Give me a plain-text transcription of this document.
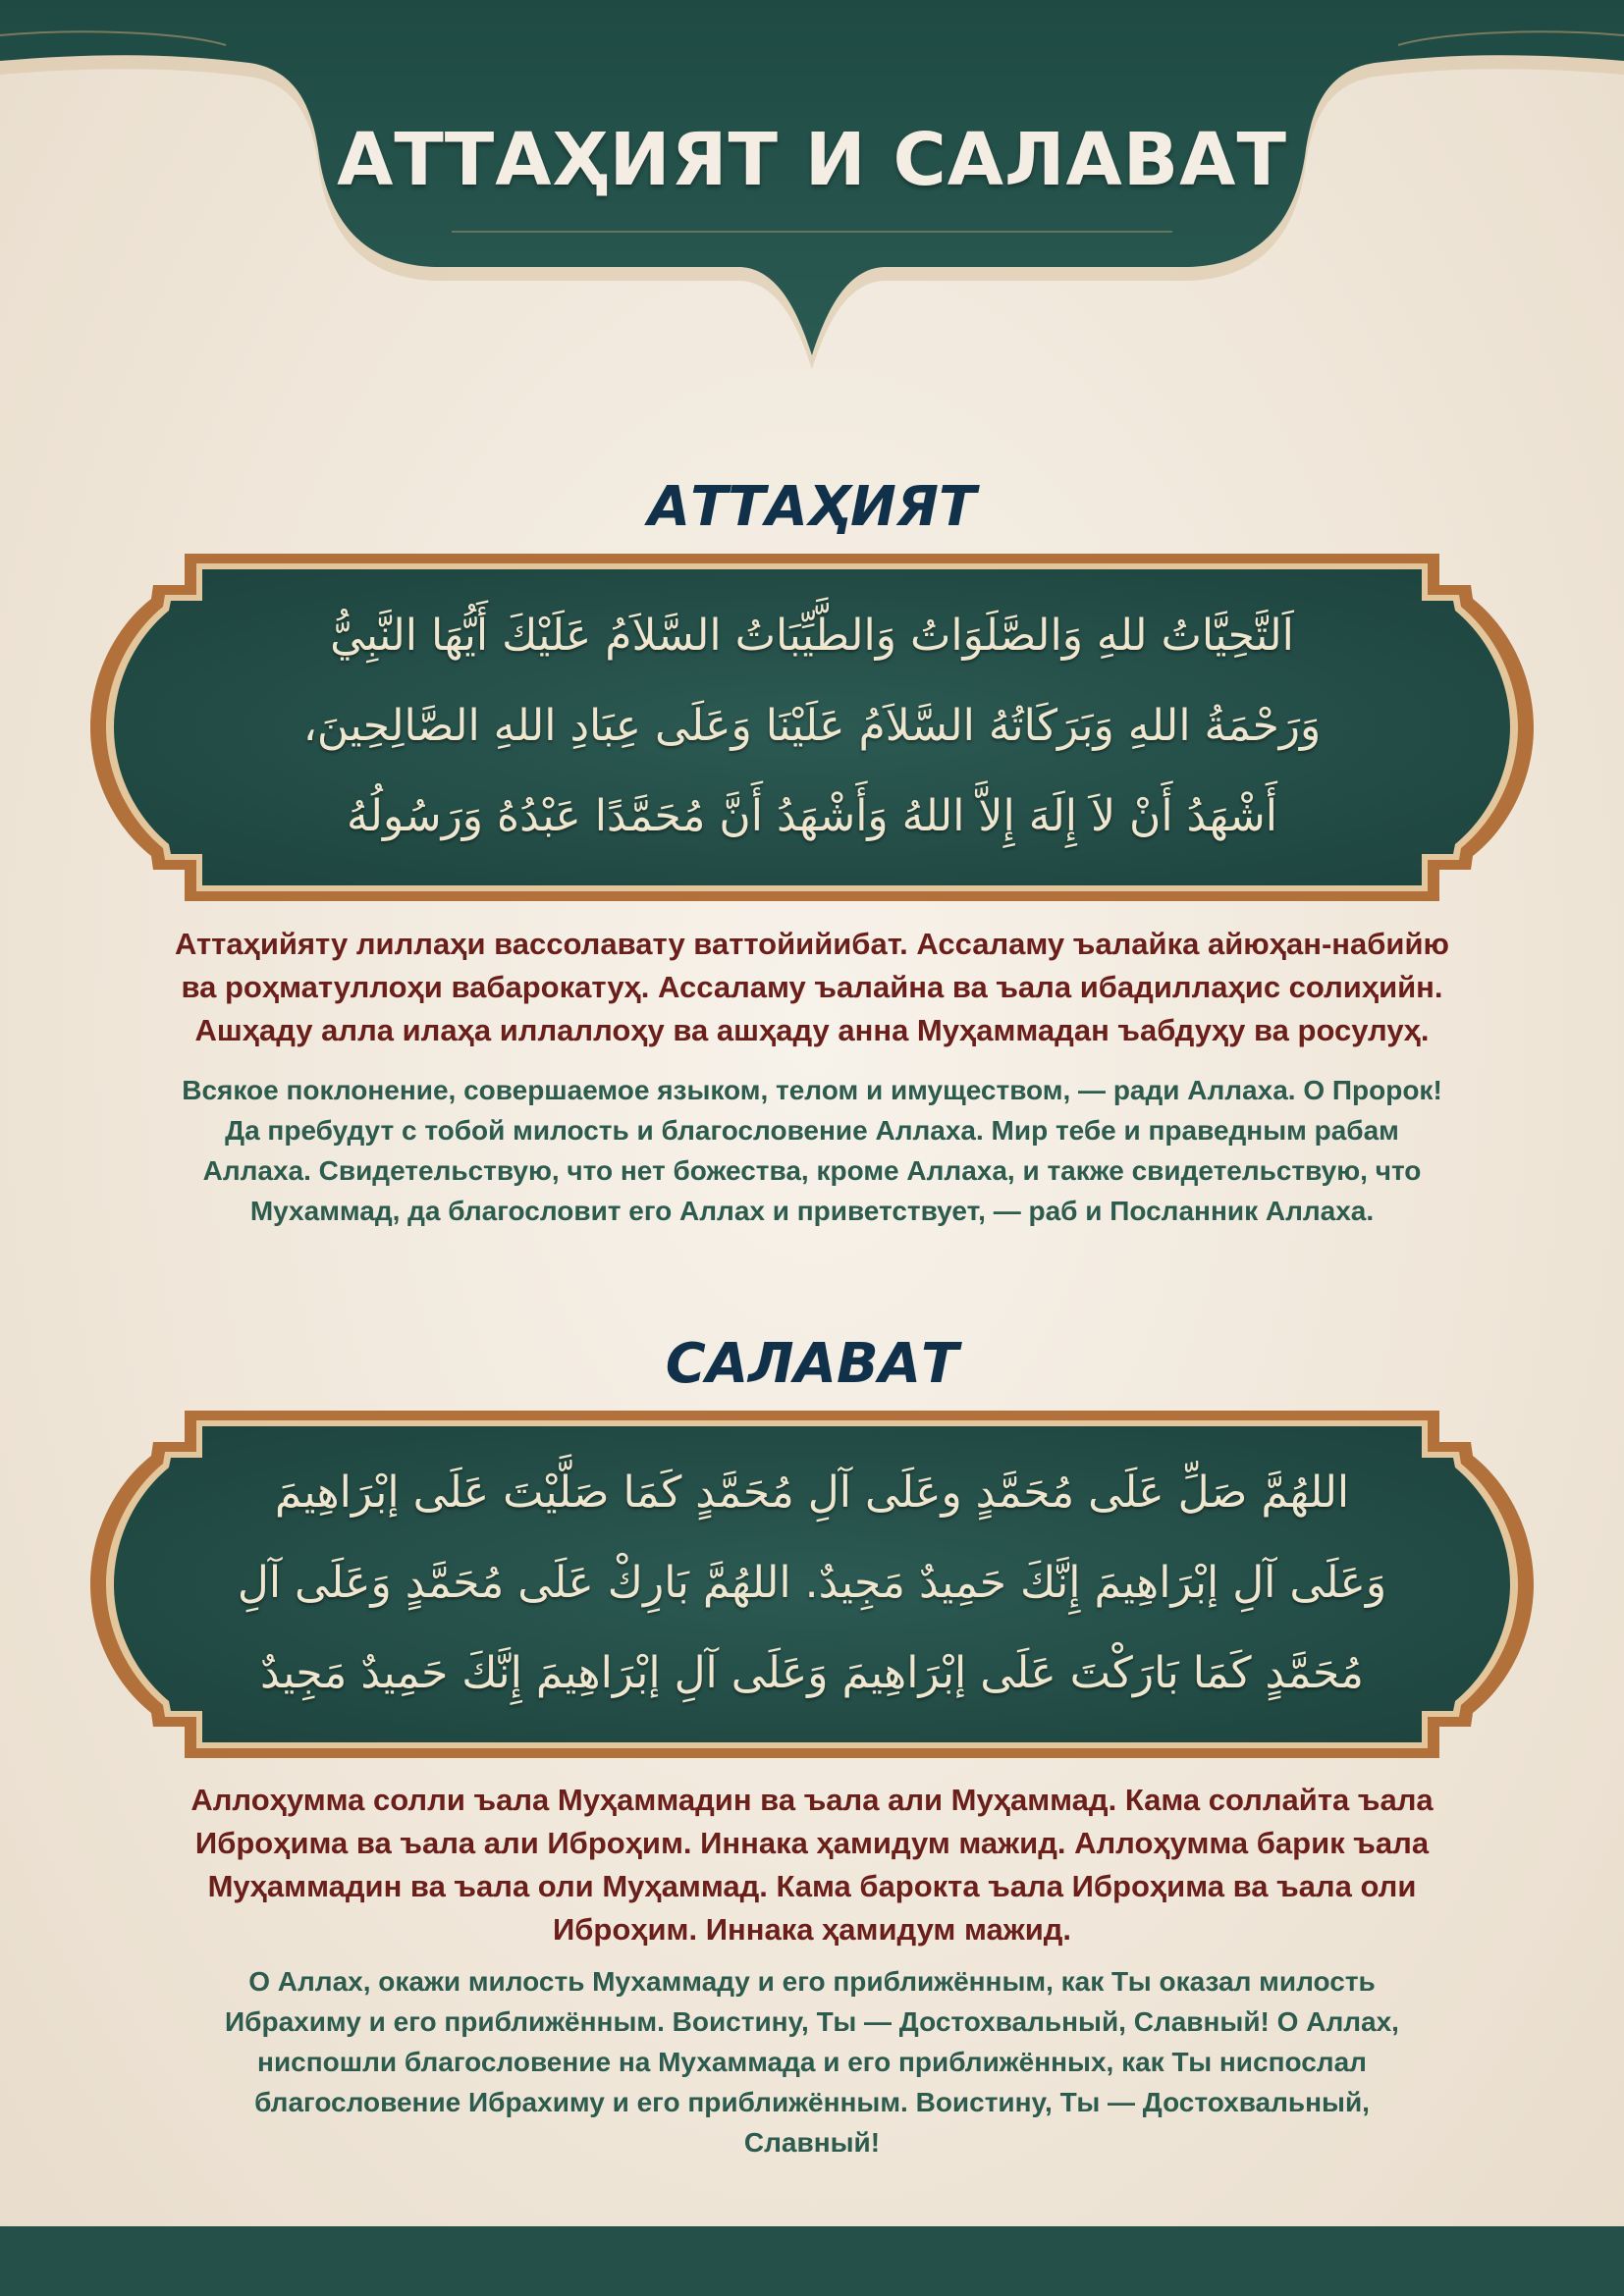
АТТАҲИЯТ И САЛАВАТ
АТТАҲИЯТ

اَلتَّحِيَّاتُ للهِ وَالصَّلَوَاتُ وَالطَّيِّبَاتُ السَّلاَمُ عَلَيْكَ أَيُّهَا النَّبِيُّ
وَرَحْمَةُ اللهِ وَبَرَكَاتُهُ السَّلاَمُ عَلَيْنَا وَعَلَى عِبَادِ اللهِ الصَّالِحِينَ،
أَشْهَدُ أَنْ لاَ إِلَهَ إِلاَّ اللهُ وَأَشْهَدُ أَنَّ مُحَمَّدًا عَبْدُهُ وَرَسُولُهُ

Аттаҳийяту лиллаҳи вассолавату ваттойийибат. Ассаламу ъалайка айюҳан-набийю
ва роҳматуллоҳи вабарокатуҳ. Ассаламу ъалайна ва ъала ибадиллаҳис солиҳийн.
Ашҳаду алла илаҳа иллаллоҳу ва ашҳаду анна Муҳаммадан ъабдуҳу ва росулуҳ.

Всякое поклонение, совершаемое языком, телом и имуществом, — ради Аллаха. О Пророк!
Да пребудут с тобой милость и благословение Аллаха. Мир тебе и праведным рабам
Аллаха. Свидетельствую, что нет божества, кроме Аллаха, и также свидетельствую, что
Мухаммад, да благословит его Аллах и приветствует, — раб и Посланник Аллаха.

САЛАВАТ

اللهُمَّ صَلِّ عَلَى مُحَمَّدٍ وعَلَى آلِ مُحَمَّدٍ كَمَا صَلَّيْتَ عَلَى إبْرَاهِيمَ
وَعَلَى آلِ إبْرَاهِيمَ إِنَّكَ حَمِيدٌ مَجِيدٌ. اللهُمَّ بَارِكْ عَلَى مُحَمَّدٍ وَعَلَى آلِ
مُحَمَّدٍ كَمَا بَارَكْتَ عَلَى إبْرَاهِيمَ وَعَلَى آلِ إبْرَاهِيمَ إِنَّكَ حَمِيدٌ مَجِيدٌ

Аллоҳумма солли ъала Муҳаммадин ва ъала али Муҳаммад. Кама соллайта ъала
Иброҳима ва ъала али Иброҳим. Иннака ҳамидум мажид. Аллоҳумма барик ъала
Муҳаммадин ва ъала оли Муҳаммад. Кама барокта ъала Иброҳима ва ъала оли
Иброҳим. Иннака ҳамидум мажид.

О Аллах, окажи милость Мухаммаду и его приближённым, как Ты оказал милость
Ибрахиму и его приближённым. Воистину, Ты — Достохвальный, Славный! О Аллах,
ниспошли благословение на Мухаммада и его приближённых, как Ты ниспослал
благословение Ибрахиму и его приближённым. Воистину, Ты — Достохвальный,
Славный!
